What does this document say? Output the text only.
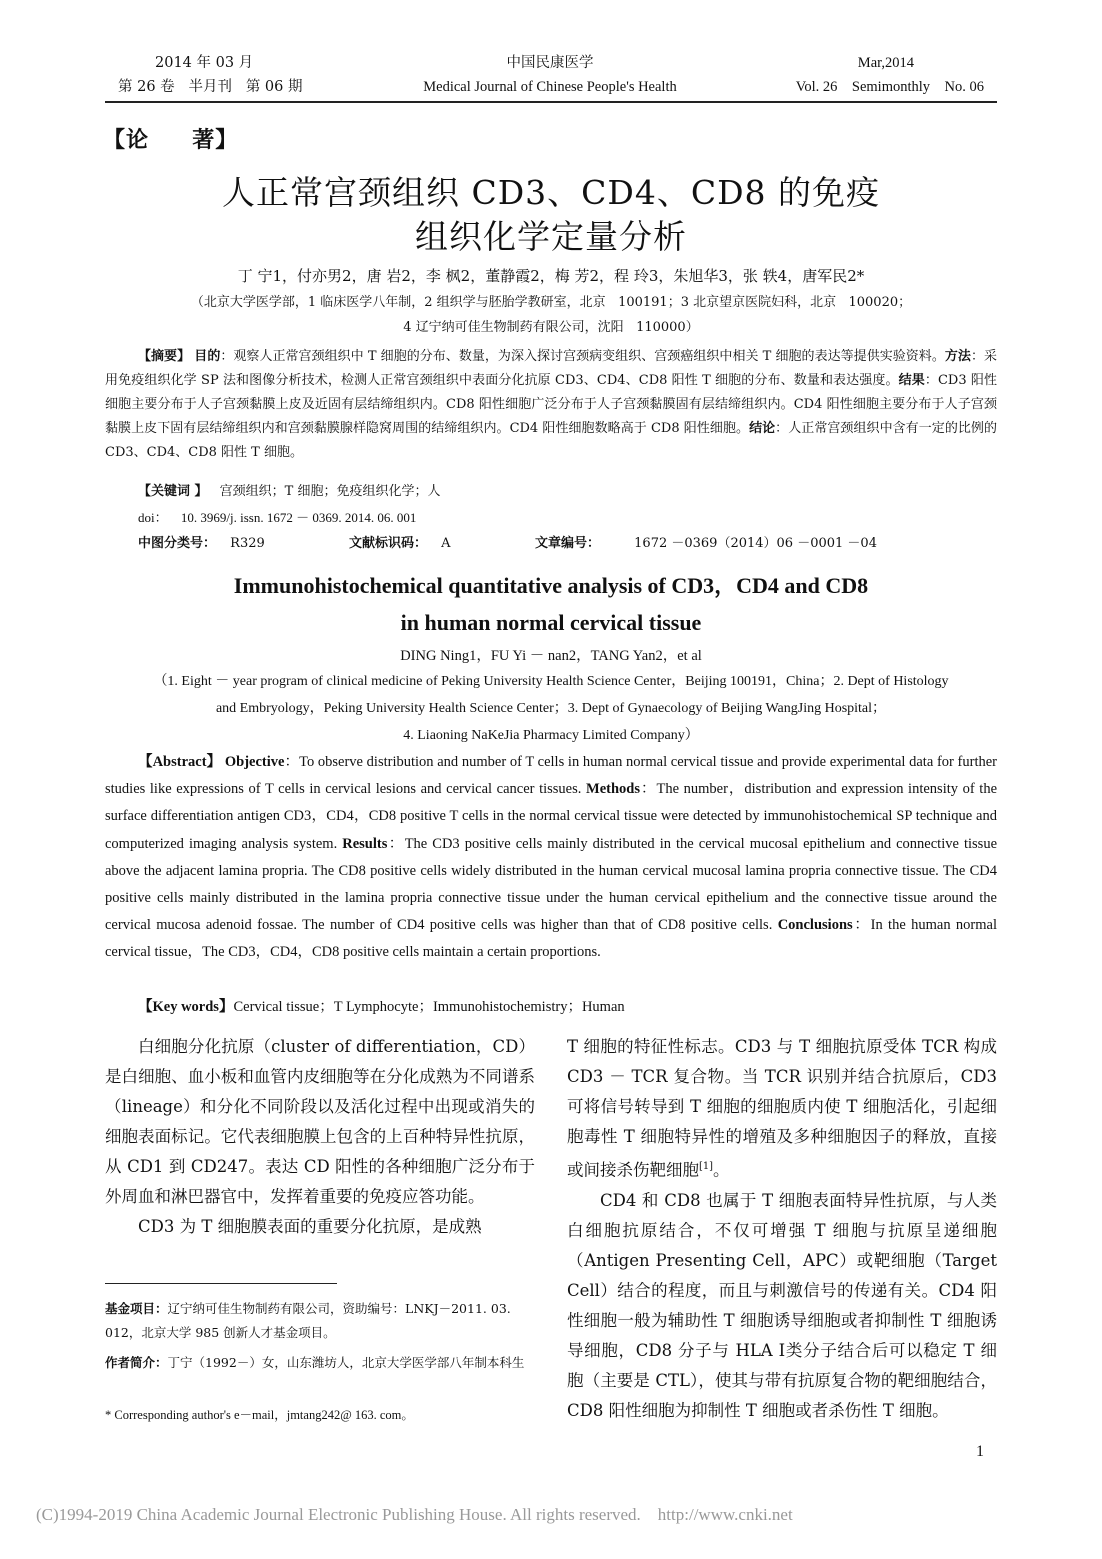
2014 年 03 月
第 26 卷   半月刊   第 06 期
中国民康医学
Medical Journal of Chinese People's Health
Mar,2014
Vol. 26    Semimonthly    No. 06
【论     著】
人正常宫颈组织 CD3、CD4、CD8 的免疫
组织化学定量分析
丁 宁1，付亦男2，唐 岩2，李 枫2，董静霞2，梅 芳2，程 玲3，朱旭华3，张 轶4，唐军民2*
（北京大学医学部，1 临床医学八年制，2 组织学与胚胎学教研室，北京   100191；3 北京望京医院妇科，北京   100020；
4 辽宁纳可佳生物制药有限公司，沈阳   110000）
【摘要】 目的：观察人正常宫颈组织中 T 细胞的分布、数量，为深入探讨宫颈病变组织、宫颈癌组织中相关 T 细胞的表达等提供实验资料。方法：采用免疫组织化学 SP 法和图像分析技术，检测人正常宫颈组织中表面分化抗原 CD3、CD4、CD8 阳性 T 细胞的分布、数量和表达强度。结果：CD3 阳性细胞主要分布于人子宫颈黏膜上皮及近固有层结缔组织内。CD8 阳性细胞广泛分布于人子宫颈黏膜固有层结缔组织内。CD4 阳性细胞主要分布于人子宫颈黏膜上皮下固有层结缔组织内和宫颈黏膜腺样隐窝周围的结缔组织内。CD4 阳性细胞数略高于 CD8 阳性细胞。结论：人正常宫颈组织中含有一定的比例的 CD3、CD4、CD8 阳性 T 细胞。
【关键词 】 宫颈组织；T 细胞；免疫组织化学；人
doi： 10. 3969/j. issn. 1672 － 0369. 2014. 06. 001
中图分类号： R329	文献标识码： A	文章编号：	1672 －0369（2014）06 －0001 －04
Immunohistochemical quantitative analysis of CD3，CD4 and CD8
in human normal cervical tissue
DING Ning1，FU Yi － nan2，TANG Yan2，et al
（1. Eight － year program of clinical medicine of Peking University Health Science Center，Beijing 100191，China；2. Dept of Histology
and Embryology，Peking University Health Science Center；3. Dept of Gynaecology of Beijing WangJing Hospital；
4. Liaoning NaKeJia Pharmacy Limited Company）
【Abstract】 Objective：To observe distribution and number of T cells in human normal cervical tissue and provide experimental data for further studies like expressions of T cells in cervical lesions and cervical cancer tissues. Methods：The number，distribution and expression intensity of the surface differentiation antigen CD3，CD4，CD8 positive T cells in the normal cervical tissue were detected by immunohistochemical SP technique and computerized imaging analysis system. Results：The CD3 positive cells mainly distributed in the cervical mucosal epithelium and connective tissue above the adjacent lamina propria. The CD8 positive cells widely distributed in the human cervical mucosal lamina propria connective tissue. The CD4 positive cells mainly distributed in the lamina propria connective tissue under the human cervical epithelium and the connective tissue around the cervical mucosa adenoid fossae. The number of CD4 positive cells was higher than that of CD8 positive cells. Conclusions：In the human normal cervical tissue，The CD3，CD4，CD8 positive cells maintain a certain proportions.
【Key words】Cervical tissue；T Lymphocyte；Immunohistochemistry；Human

白细胞分化抗原（cluster of differentiation，CD）是白细胞、血小板和血管内皮细胞等在分化成熟为不同谱系（lineage）和分化不同阶段以及活化过程中出现或消失的细胞表面标记。它代表细胞膜上包含的上百种特异性抗原，从 CD1 到 CD247。表达 CD 阳性的各种细胞广泛分布于外周血和淋巴器官中，发挥着重要的免疫应答功能。

CD3 为 T 细胞膜表面的重要分化抗原，是成熟

基金项目：辽宁纳可佳生物制药有限公司，资助编号：LNKJ－2011. 03. 012，北京大学 985 创新人才基金项目。
作者简介：丁宁（1992－）女，山东潍坊人，北京大学医学部八年制本科生
* Corresponding author's e－mail，jmtang242@ 163. com。

T 细胞的特征性标志。CD3 与 T 细胞抗原受体 TCR 构成 CD3 － TCR 复合物。当 TCR 识别并结合抗原后，CD3 可将信号转导到 T 细胞的细胞质内使 T 细胞活化，引起细胞毒性 T 细胞特异性的增殖及多种细胞因子的释放，直接或间接杀伤靶细胞[1]。

CD4 和 CD8 也属于 T 细胞表面特异性抗原，与人类白细胞抗原结合，不仅可增强 T 细胞与抗原呈递细胞（Antigen Presenting Cell，APC）或靶细胞（Target Cell）结合的程度，而且与刺激信号的传递有关。CD4 阳性细胞一般为辅助性 T 细胞诱导细胞或者抑制性 T 细胞诱导细胞，CD8 分子与 HLA Ⅰ类分子结合后可以稳定 T 细胞（主要是 CTL），使其与带有抗原复合物的靶细胞结合，CD8 阳性细胞为抑制性 T 细胞或者杀伤性 T 细胞。

1
(C)1994-2019 China Academic Journal Electronic Publishing House. All rights reserved.    http://www.cnki.net
